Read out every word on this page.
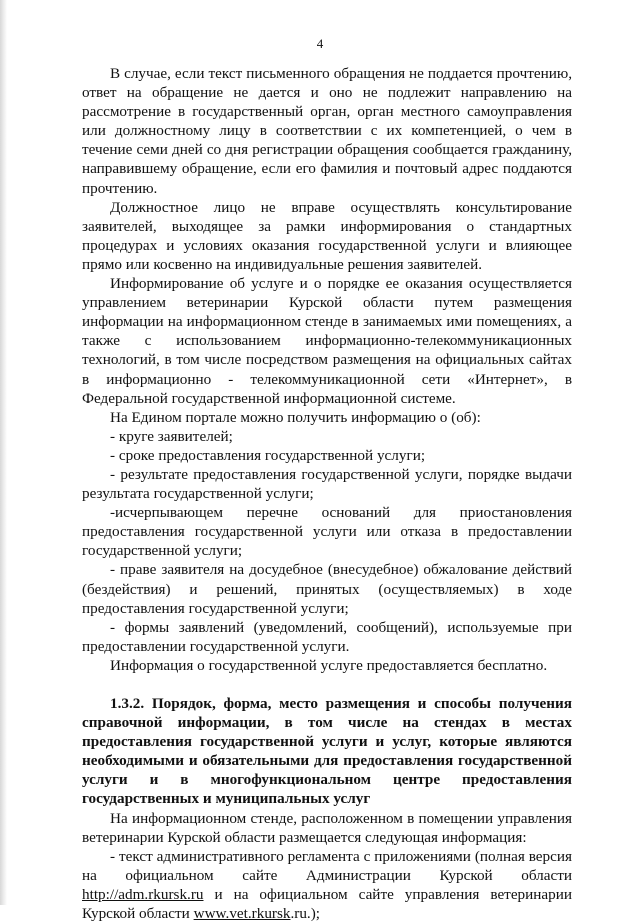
4

В случае, если текст письменного обращения не поддается прочтению, ответ на обращение не дается и оно не подлежит направлению на рассмотрение в государственный орган, орган местного самоуправления или должностному лицу в соответствии с их компетенцией, о чем в течение семи дней со дня регистрации обращения сообщается гражданину, направившему обращение, если его фамилия и почтовый адрес поддаются прочтению.

Должностное лицо не вправе осуществлять консультирование заявителей, выходящее за рамки информирования о стандартных процедурах и условиях оказания государственной услуги и влияющее прямо или косвенно на индивидуальные решения заявителей.

Информирование об услуге и о порядке ее оказания осуществляется управлением ветеринарии Курской области путем размещения информации на информационном стенде в занимаемых ими помещениях, а также с использованием информационно-телекоммуникационных технологий, в том числе посредством размещения на официальных сайтах в информационно - телекоммуникационной сети «Интернет», в Федеральной государственной информационной системе.

На Едином портале можно получить информацию о (об):

- круге заявителей;

- сроке предоставления государственной услуги;

- результате предоставления государственной услуги, порядке выдачи результата государственной услуги;

-исчерпывающем перечне оснований для приостановления предоставления государственной услуги или отказа в предоставлении государственной услуги;

- праве заявителя на досудебное (внесудебное) обжалование действий (бездействия) и решений, принятых (осуществляемых) в ходе предоставления государственной услуги;

- формы заявлений (уведомлений, сообщений), используемые при предоставлении государственной услуги.

Информация о государственной услуге предоставляется бесплатно.

1.3.2. Порядок, форма, место размещения и способы получения справочной информации, в том числе на стендах в местах предоставления государственной услуги и услуг, которые являются необходимыми и обязательными для предоставления государственной услуги и в многофункциональном центре предоставления государственных и муниципальных услуг

На информационном стенде, расположенном в помещении управления ветеринарии Курской области размещается следующая информация:

- текст административного регламента с приложениями (полная версия на официальном сайте Администрации Курской области http://adm.rkursk.ru и на официальном сайте управления ветеринарии Курской области www.vet.rkursk.ru.);
